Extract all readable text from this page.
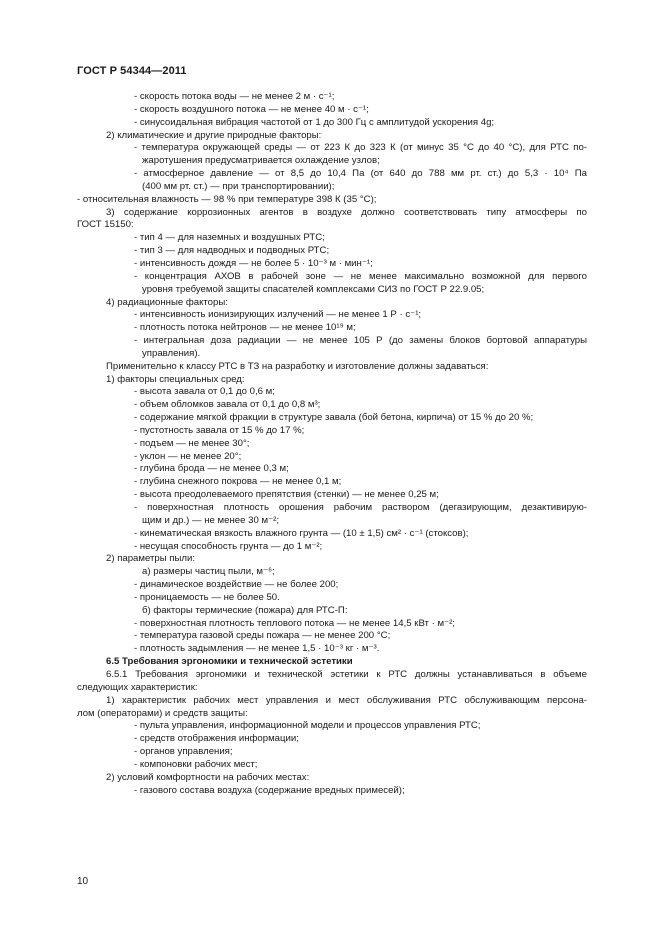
ГОСТ Р 54344—2011
- скорость потока воды — не менее 2 м · с⁻¹;
- скорость воздушного потока — не менее 40 м · с⁻¹;
- синусоидальная вибрация частотой от 1 до 300 Гц с амплитудой ускорения 4g;
2) климатические и другие природные факторы:
- температура окружающей среды — от 223 К до 323 К (от минус 35 °С до 40 °С), для РТС по-
жаротушения предусматривается охлаждение узлов;
- атмосферное давление — от 8,5 до 10,4 Па (от 640 до 788 мм рт. ст.) до 5,3 · 10⁴ Па
(400 мм рт. ст.) — при транспортировании);
- относительная влажность — 98 % при температуре 398 К (35 °С);
3) содержание коррозионных агентов в воздухе должно соответствовать типу атмосферы по
ГОСТ 15150:
- тип 4 — для наземных и воздушных РТС;
- тип 3 — для надводных и подводных РТС;
- интенсивность дождя — не более 5 · 10⁻³ м · мин⁻¹;
- концентрация АХОВ в рабочей зоне — не менее максимально возможной для первого
уровня требуемой защиты спасателей комплексами СИЗ по ГОСТ Р 22.9.05;
4) радиационные факторы:
- интенсивность ионизирующих излучений — не менее 1 Р · с⁻¹;
- плотность потока нейтронов — не менее 10¹⁹ м;
- интегральная доза радиации — не менее 105 Р (до замены блоков бортовой аппаратуры
управления).
Применительно к классу РТС в ТЗ на разработку и изготовление должны задаваться:
1) факторы специальных сред:
- высота завала от 0,1 до 0,6 м;
- объем обломков завала от 0,1 до 0,8 м³;
- содержание мягкой фракции в структуре завала (бой бетона, кирпича) от 15 % до 20 %;
- пустотность завала от 15 % до 17 %;
- подъем — не менее 30°;
- уклон — не менее 20°;
- глубина брода — не менее 0,3 м;
- глубина снежного покрова — не менее 0,1 м;
- высота преодолеваемого препятствия (стенки) — не менее 0,25 м;
- поверхностная плотность орошения рабочим раствором (дегазирующим, дезактивирую-
щим и др.) — не менее 30 м⁻²;
- кинематическая вязкость влажного грунта — (10 ± 1,5) см² · с⁻¹ (стоксов);
- несущая способность грунта — до 1 м⁻²;
2) параметры пыли:
а) размеры частиц пыли, м⁻⁶;
- динамическое воздействие — не более 200;
- проницаемость — не более 50.
б) факторы термические (пожара) для РТС-П:
- поверхностная плотность теплового потока — не менее 14,5 кВт · м⁻²;
- температура газовой среды пожара — не менее 200 °С;
- плотность задымления — не менее 1,5 · 10⁻³ кг · м⁻³.
6.5 Требования эргономики и технической эстетики
6.5.1 Требования эргономики и технической эстетики к РТС должны устанавливаться в объеме
следующих характеристик:
1) характеристик рабочих мест управления и мест обслуживания РТС обслуживающим персона-
лом (операторами) и средств защиты:
- пульта управления, информационной модели и процессов управления РТС;
- средств отображения информации;
- органов управления;
- компоновки рабочих мест;
2) условий комфортности на рабочих местах:
- газового состава воздуха (содержание вредных примесей);
10
